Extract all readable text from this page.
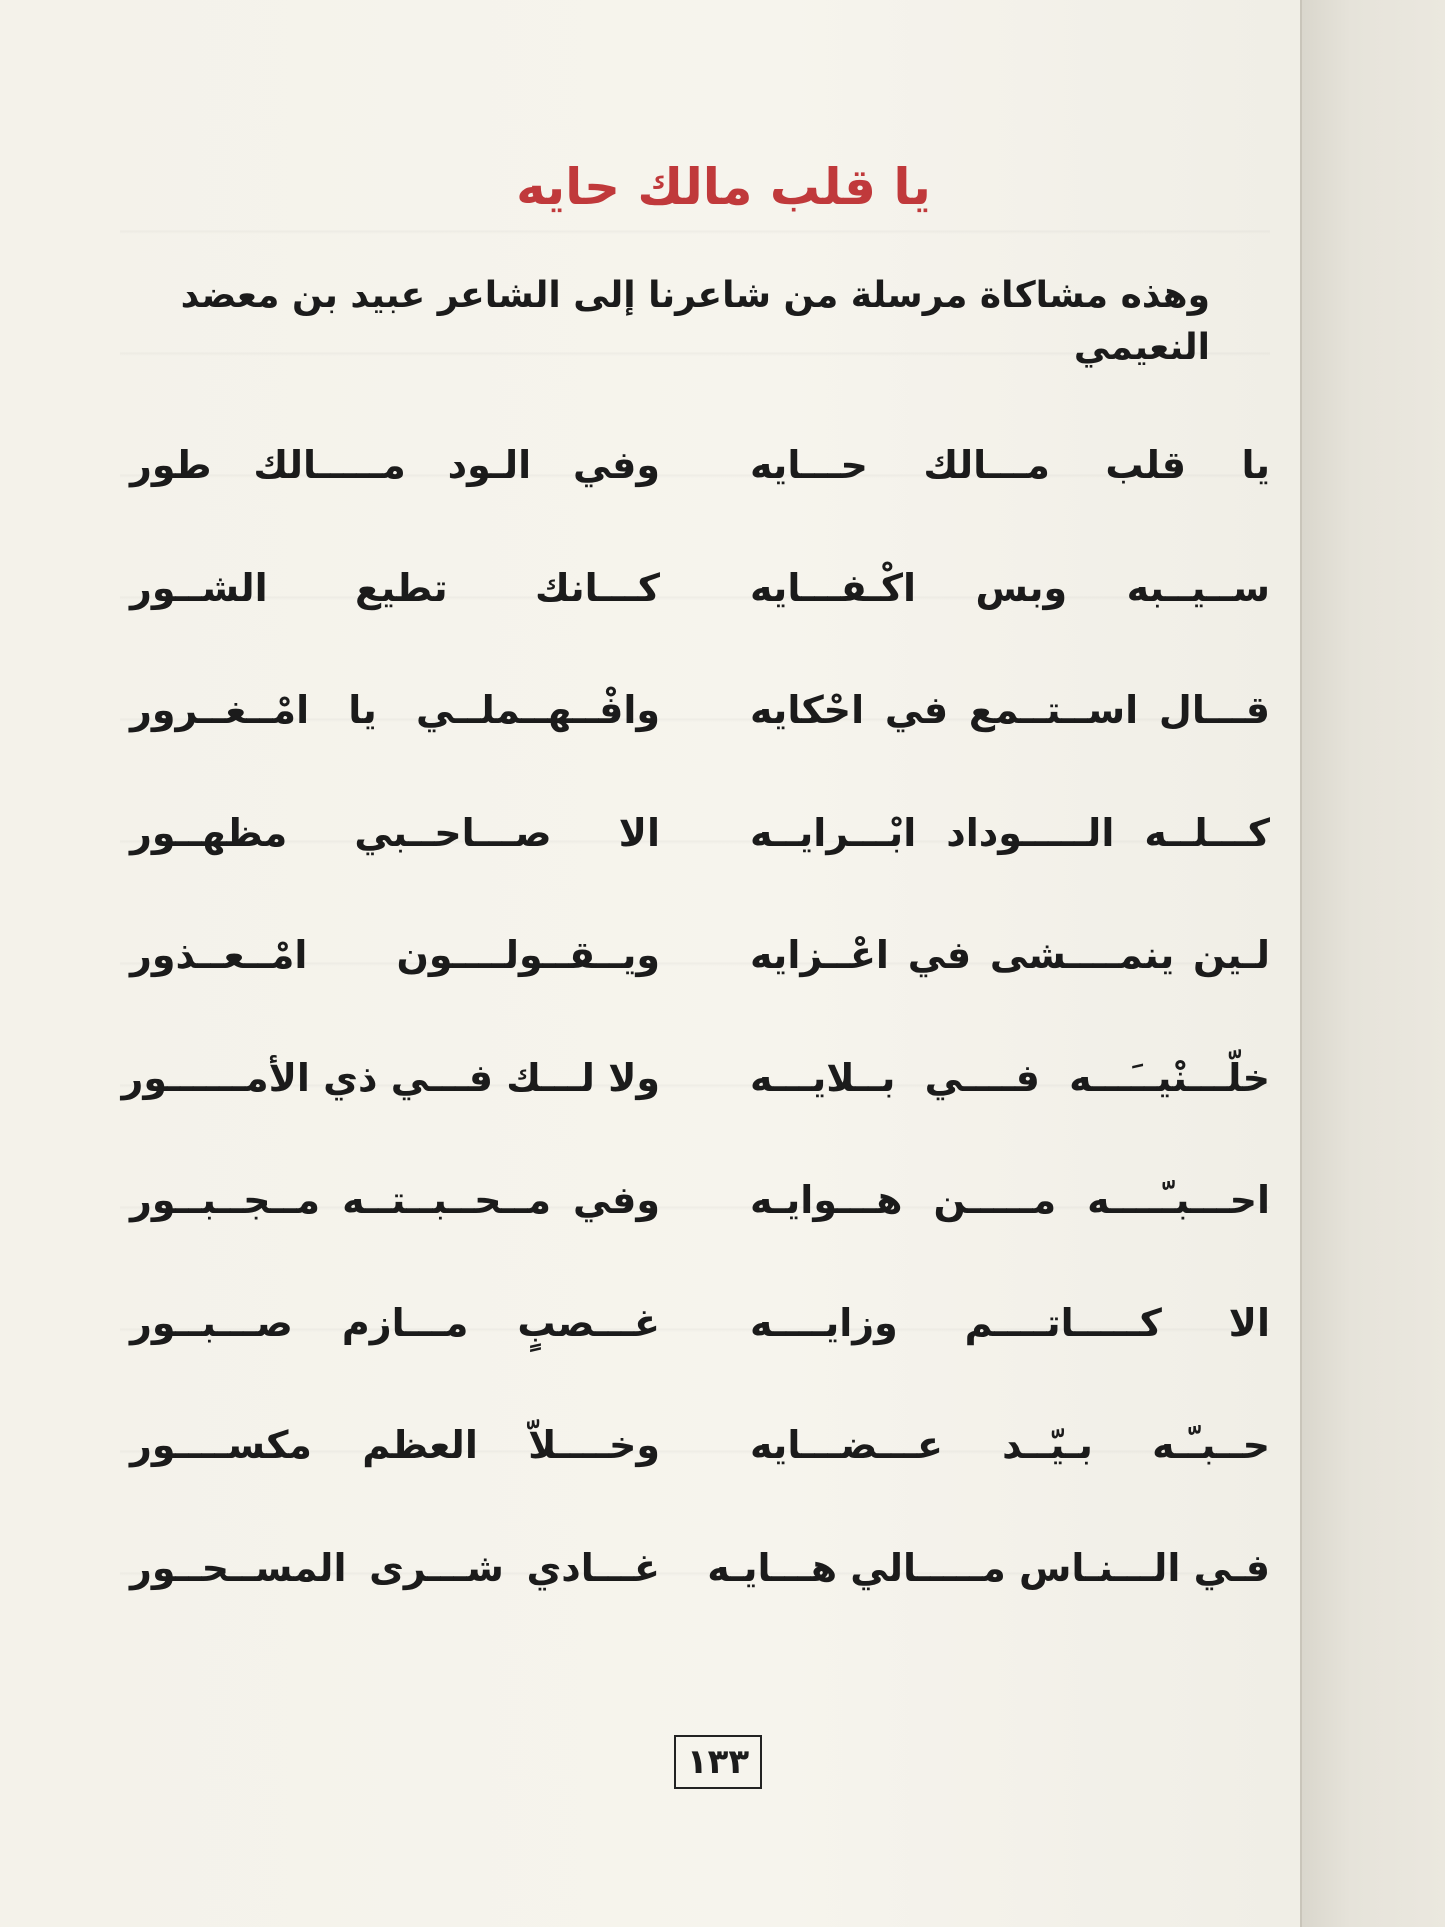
يا قلب مالك حايه
وهذه مشاكاة مرسلة من شاعرنا إلى الشاعر عبيد بن معضد النعيمي
يا قلب مـــالك حـــايه
وفي الـود مـــــالك طور
ســيــبه وبس اكْـفـــايه
كـــانك تطيع الشــور
قـــال اســتــمع في احْكايه
وافْــهــملــي يا امْــغــرور
كـــلــه الـــــوداد ابْـــرايــه
الا صـــاحــبي مظهــور
لـين ينمــــشى في اعْــزايه
ويــقــولــــون امْــعــذور
خلّـــنْيــَـــه فــــي بــلايـــه
ولا لـــك فـــي ذي الأمــــــور
احـــبـّــــه مـــــن هـــوايـه
وفي مــحــبــتــه مــجــبــور
الا كـــــاتــــم وزايــــه
غـــصبٍ مـــازم صـــبــور
حــبـّـه بـيّــد عـــضـــايه
وخــــلاّ العظم مكســــور
فـي الـــنـاس مـــــالي هـــايـه
غـــادي شـــرى المســحــور
١٣٣
